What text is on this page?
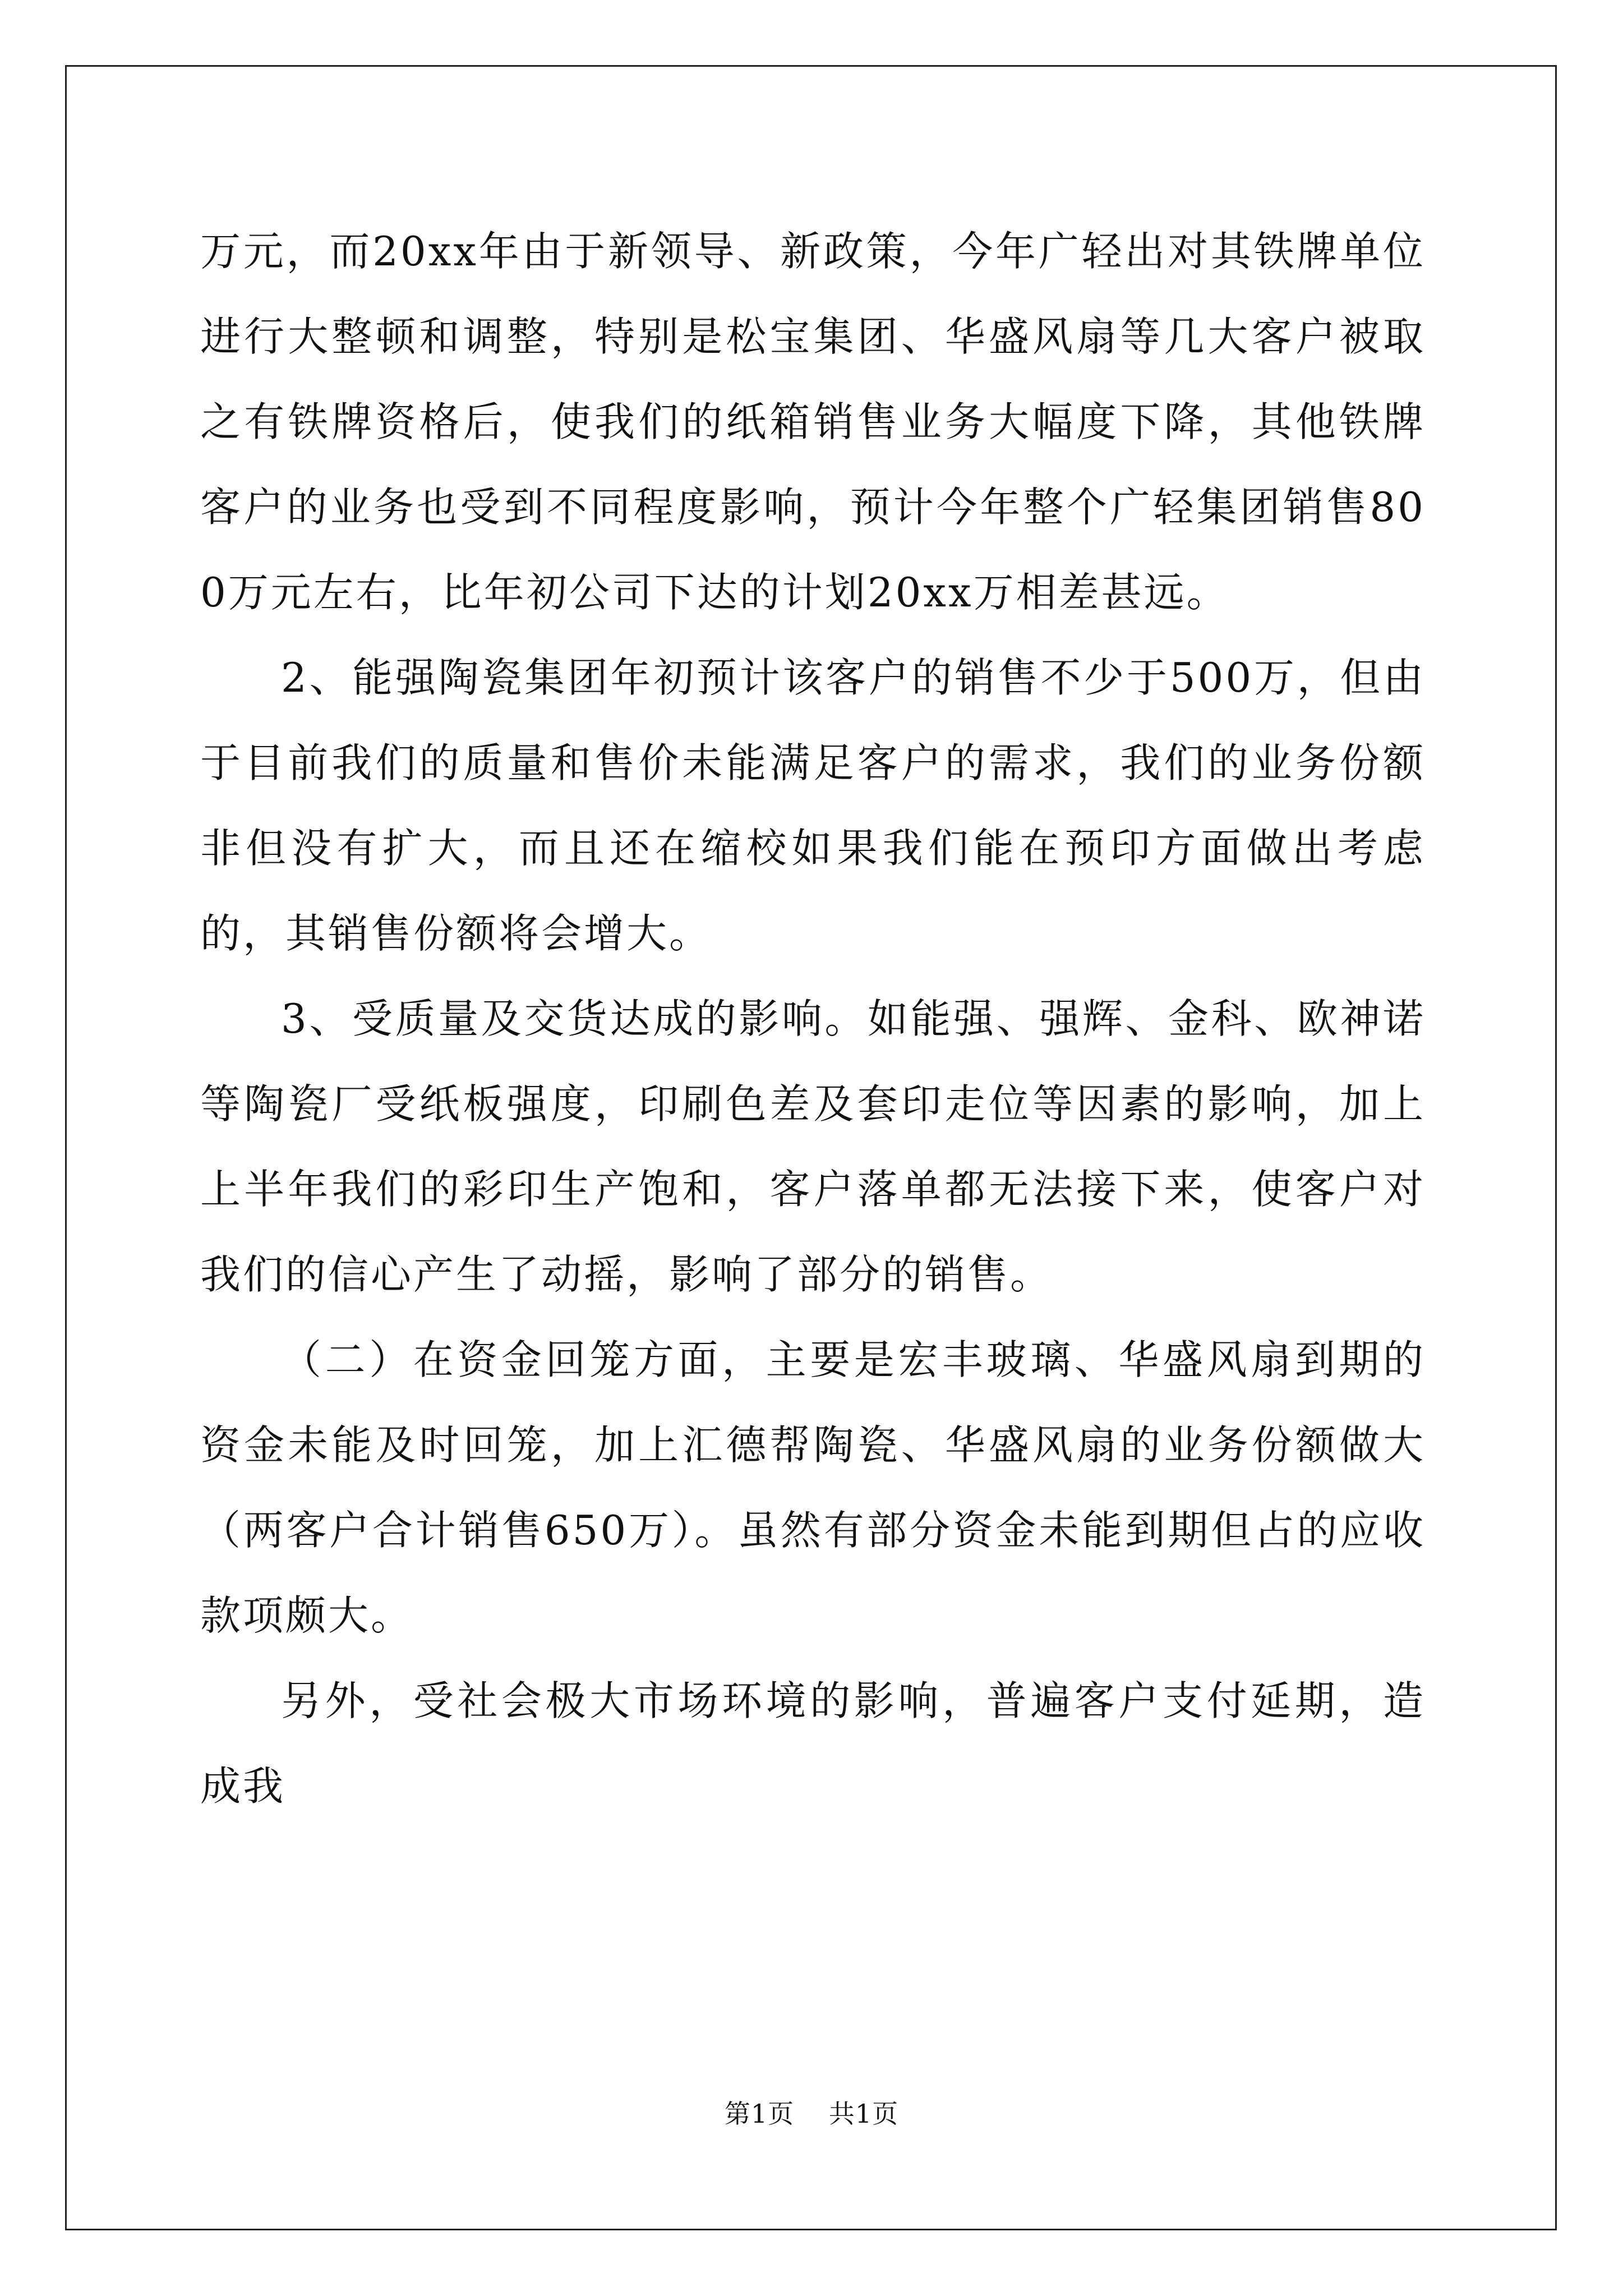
万元，而20xx年由于新领导、新政策，今年广轻出对其铁牌单位进行大整顿和调整，特别是松宝集团、华盛风扇等几大客户被取之有铁牌资格后，使我们的纸箱销售业务大幅度下降，其他铁牌客户的业务也受到不同程度影响，预计今年整个广轻集团销售800万元左右，比年初公司下达的计划20xx万相差甚远。

2、能强陶瓷集团年初预计该客户的销售不少于500万，但由于目前我们的质量和售价未能满足客户的需求，我们的业务份额非但没有扩大，而且还在缩校如果我们能在预印方面做出考虑的，其销售份额将会增大。

3、受质量及交货达成的影响。如能强、强辉、金科、欧神诺等陶瓷厂受纸板强度，印刷色差及套印走位等因素的影响，加上上半年我们的彩印生产饱和，客户落单都无法接下来，使客户对我们的信心产生了动摇，影响了部分的销售。

（二）在资金回笼方面，主要是宏丰玻璃、华盛风扇到期的资金未能及时回笼，加上汇德帮陶瓷、华盛风扇的业务份额做大（两客户合计销售650万）。虽然有部分资金未能到期但占的应收款项颇大。

另外，受社会极大市场环境的影响，普遍客户支付延期，造成我

第1页 共1页
